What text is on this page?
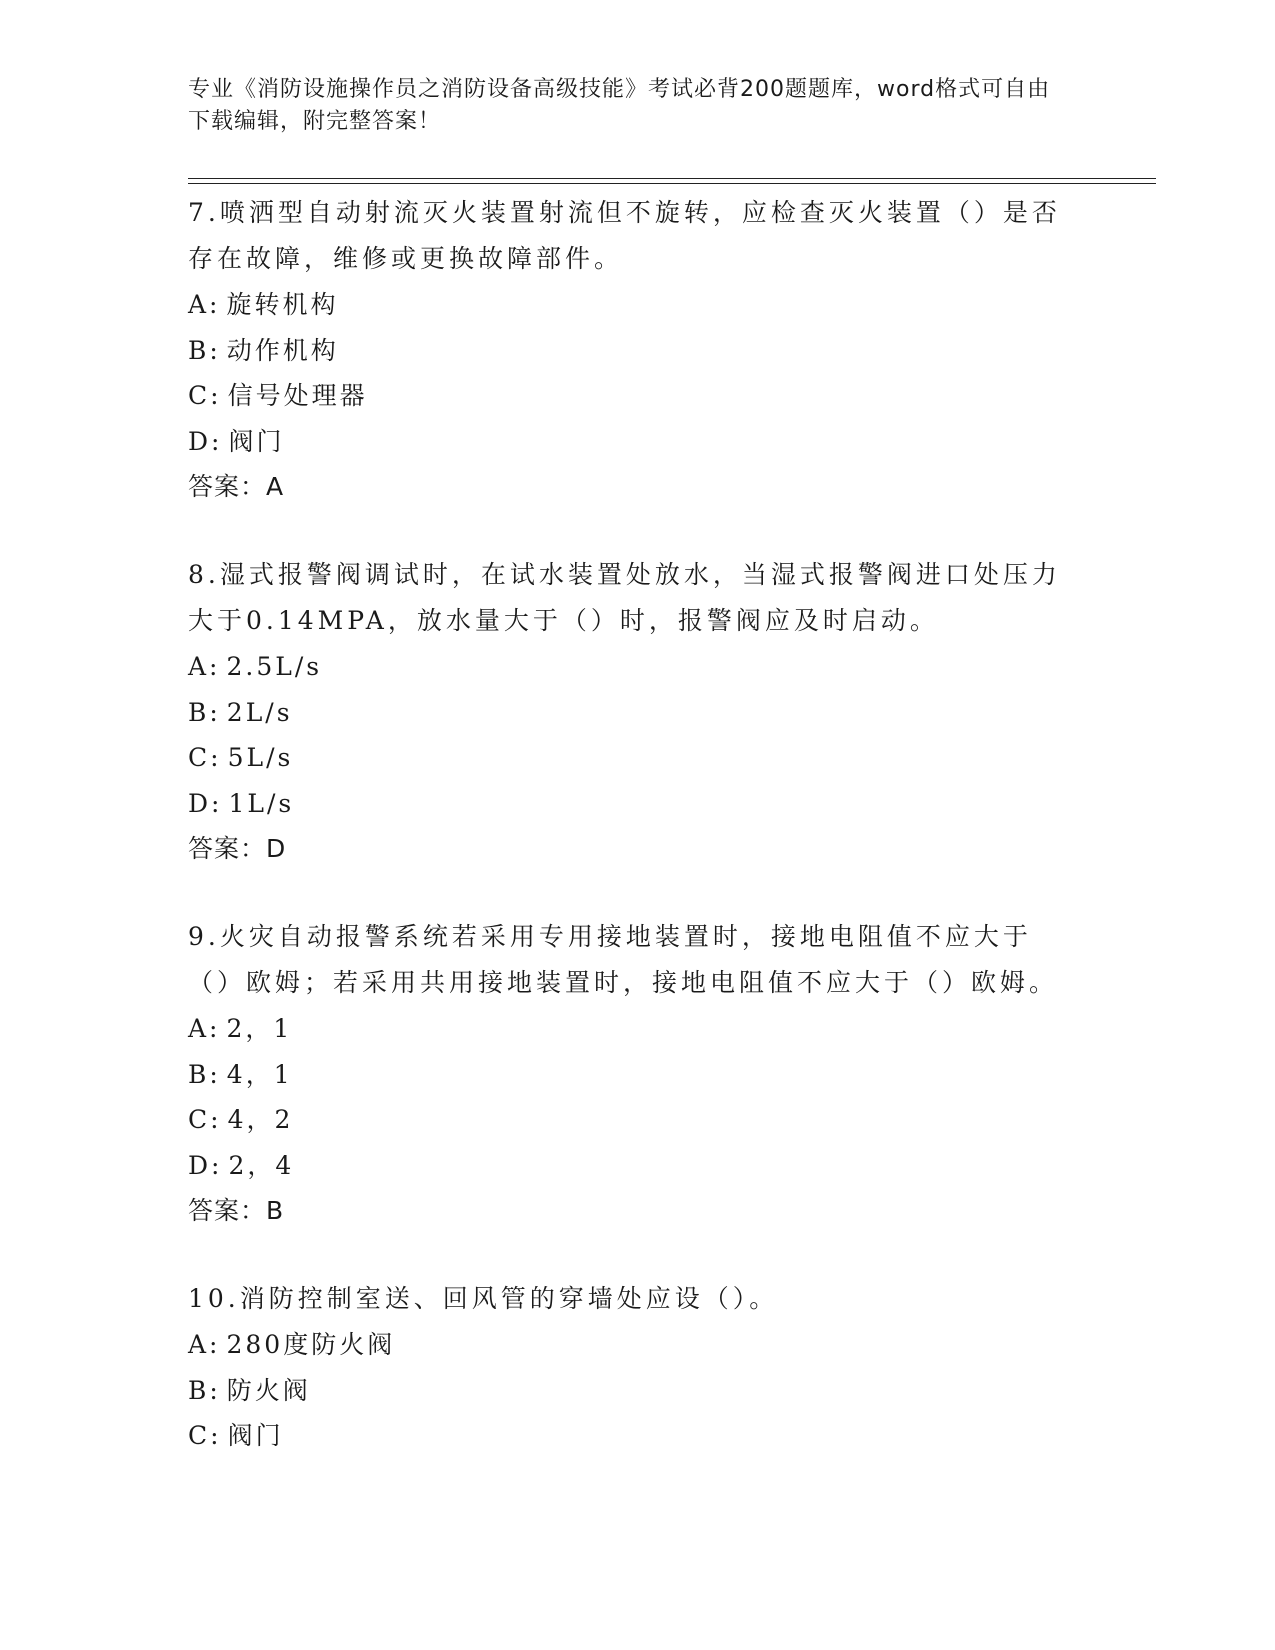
专业《消防设施操作员之消防设备高级技能》考试必背200题题库，word格式可自由下载编辑，附完整答案！

7.喷洒型自动射流灭火装置射流但不旋转，应检查灭火装置（）是否存在故障，维修或更换故障部件。

A: 旋转机构

B: 动作机构

C: 信号处理器

D: 阀门

答案：A

8.湿式报警阀调试时，在试水装置处放水，当湿式报警阀进口处压力大于0.14MPA，放水量大于（）时，报警阀应及时启动。

A: 2.5L/s

B: 2L/s

C: 5L/s

D: 1L/s

答案：D

9.火灾自动报警系统若采用专用接地装置时，接地电阻值不应大于（）欧姆；若采用共用接地装置时，接地电阻值不应大于（）欧姆。

A: 2，1

B: 4，1

C: 4，2

D: 2，4

答案：B

10.消防控制室送、回风管的穿墙处应设（）。

A: 280度防火阀

B: 防火阀

C: 阀门
